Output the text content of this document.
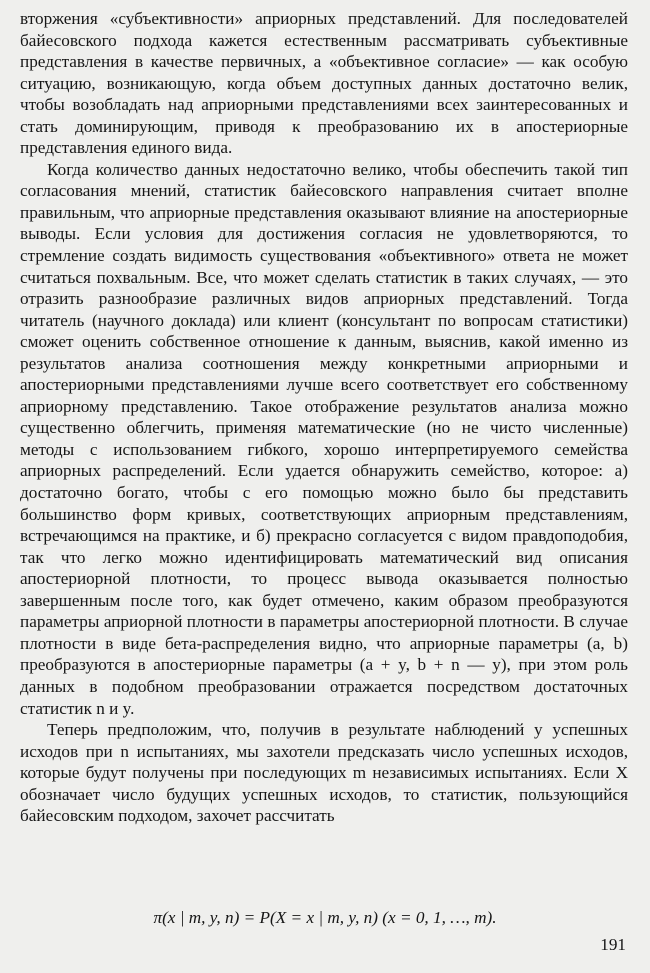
вторжения «субъективности» априорных представлений. Для последователей байесовского подхода кажется естественным рассматривать субъективные представления в качестве первичных, а «объективное согласие» — как особую ситуацию, возникающую, когда объем доступных данных достаточно велик, чтобы возобладать над априорными представлениями всех заинтересованных и стать доминирующим, приводя к преобразованию их в апостериорные представления единого вида.

Когда количество данных недостаточно велико, чтобы обеспечить такой тип согласования мнений, статистик байесовского направления считает вполне правильным, что априорные представления оказывают влияние на апостериорные выводы. Если условия для достижения согласия не удовлетворяются, то стремление создать видимость существования «объективного» ответа не может считаться похвальным. Все, что может сделать статистик в таких случаях, — это отразить разнообразие различных видов априорных представлений. Тогда читатель (научного доклада) или клиент (консультант по вопросам статистики) сможет оценить собственное отношение к данным, выяснив, какой именно из результатов анализа соотношения между конкретными априорными и апостериорными представлениями лучше всего соответствует его собственному априорному представлению. Такое отображение результатов анализа можно существенно облегчить, применяя математические (но не чисто численные) методы с использованием гибкого, хорошо интерпретируемого семейства априорных распределений. Если удается обнаружить семейство, которое: а) достаточно богато, чтобы с его помощью можно было бы представить большинство форм кривых, соответствующих априорным представлениям, встречающимся на практике, и б) прекрасно согласуется с видом правдоподобия, так что легко можно идентифицировать математический вид описания апостериорной плотности, то процесс вывода оказывается полностью завершенным после того, как будет отмечено, каким образом преобразуются параметры априорной плотности в параметры апостериорной плотности. В случае плотности в виде бета-распределения видно, что априорные параметры (a, b) преобразуются в апостериорные параметры (a + y, b + n — y), при этом роль данных в подобном преобразовании отражается посредством достаточных статистик n и y.

Теперь предположим, что, получив в результате наблюдений y успешных исходов при n испытаниях, мы захотели предсказать число успешных исходов, которые будут получены при последующих m независимых испытаниях. Если X обозначает число будущих успешных исходов, то статистик, пользующийся байесовским подходом, захочет рассчитать

π(x | m, y, n) = P(X = x | m, y, n) (x = 0, 1, …, m).
191
